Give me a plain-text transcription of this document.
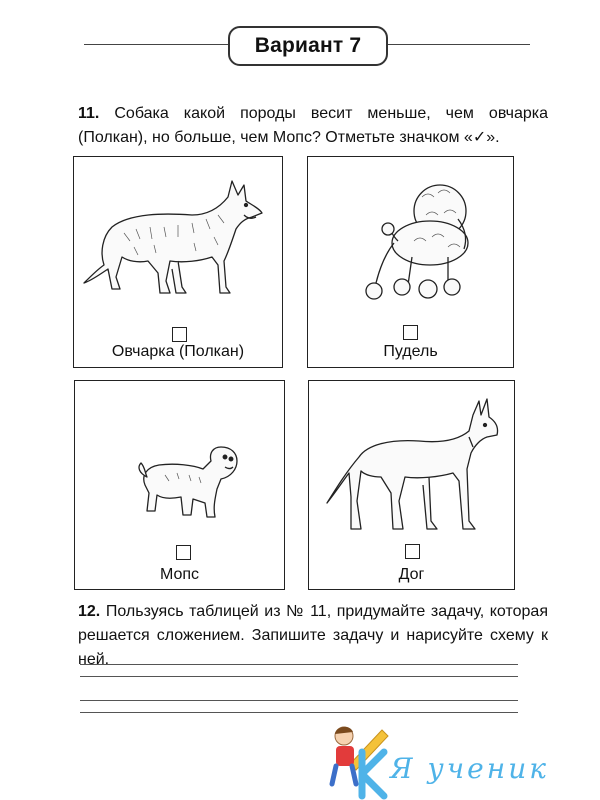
Вариант 7
11. Собака какой породы весит меньше, чем овчарка (Полкан), но больше, чем Мопс? Отметьте значком «✓».
Овчарка (Полкан)	Пудель
Мопс	Дог
12. Пользуясь таблицей из № 11, придумайте задачу, которая решается сложением. Запишите задачу и нарисуйте схему к ней.
Я ученик
